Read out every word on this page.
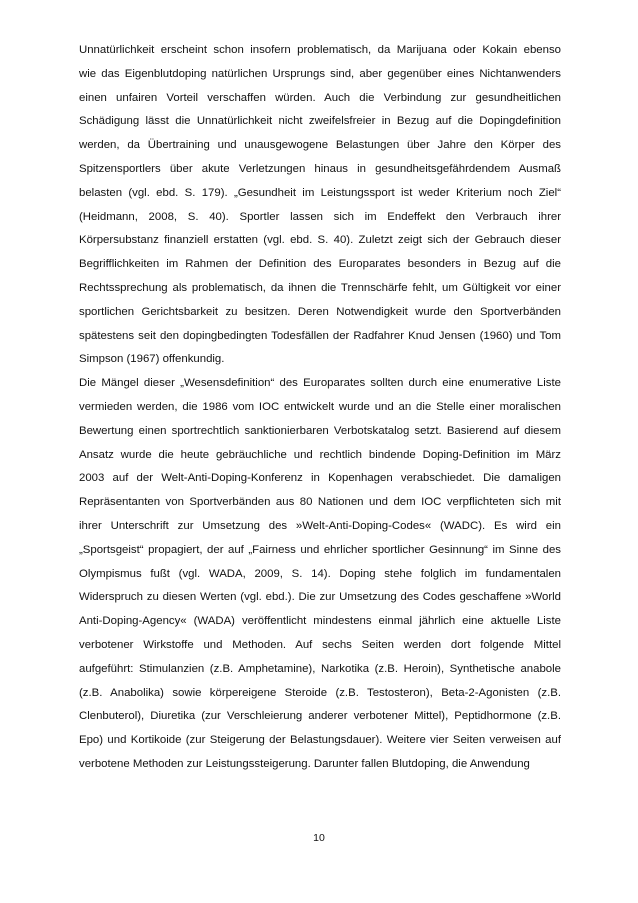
Unnatürlichkeit erscheint schon insofern problematisch, da Marijuana oder Kokain ebenso
wie das Eigenblutdoping natürlichen Ursprungs sind, aber gegenüber eines Nichtanwenders
einen unfairen Vorteil verschaffen würden. Auch die Verbindung zur gesundheitlichen
Schädigung lässt die Unnatürlichkeit nicht zweifelsfreier in Bezug auf die Dopingdefinition
werden, da Übertraining und unausgewogene Belastungen über Jahre den Körper des
Spitzensportlers über akute Verletzungen hinaus in gesundheitsgefährdendem Ausmaß
belasten (vgl. ebd. S. 179). „Gesundheit im Leistungssport ist weder Kriterium noch Ziel“
(Heidmann, 2008, S. 40). Sportler lassen sich im Endeffekt den Verbrauch ihrer
Körpersubstanz finanziell erstatten (vgl. ebd. S. 40). Zuletzt zeigt sich der Gebrauch dieser
Begrifflichkeiten im Rahmen der Definition des Europarates besonders in Bezug auf die
Rechtssprechung als problematisch, da ihnen die Trennschärfe fehlt, um Gültigkeit vor einer
sportlichen Gerichtsbarkeit zu besitzen. Deren Notwendigkeit wurde den Sportverbänden
spätestens seit den dopingbedingten Todesfällen der Radfahrer Knud Jensen (1960) und Tom
Simpson (1967) offenkundig.
Die Mängel dieser „Wesensdefinition“ des Europarates sollten durch eine enumerative Liste
vermieden werden, die 1986 vom IOC entwickelt wurde und an die Stelle einer moralischen
Bewertung einen sportrechtlich sanktionierbaren Verbotskatalog setzt. Basierend auf diesem
Ansatz wurde die heute gebräuchliche und rechtlich bindende Doping-Definition im März
2003 auf der Welt-Anti-Doping-Konferenz in Kopenhagen verabschiedet. Die damaligen
Repräsentanten von Sportverbänden aus 80 Nationen und dem IOC verpflichteten sich mit
ihrer Unterschrift zur Umsetzung des »Welt-Anti-Doping-Codes« (WADC). Es wird ein
„Sportsgeist“ propagiert, der auf „Fairness und ehrlicher sportlicher Gesinnung“ im Sinne des
Olympismus fußt (vgl. WADA, 2009, S. 14). Doping stehe folglich im fundamentalen
Widerspruch zu diesen Werten (vgl. ebd.). Die zur Umsetzung des Codes geschaffene »World
Anti-Doping-Agency« (WADA) veröffentlicht mindestens einmal jährlich eine aktuelle Liste
verbotener Wirkstoffe und Methoden. Auf sechs Seiten werden dort folgende Mittel
aufgeführt: Stimulanzien (z.B. Amphetamine), Narkotika (z.B. Heroin), Synthetische anabole
(z.B. Anabolika) sowie körpereigene Steroide (z.B. Testosteron), Beta-2-Agonisten (z.B.
Clenbuterol), Diuretika (zur Verschleierung anderer verbotener Mittel), Peptidhormone (z.B.
Epo) und Kortikoide (zur Steigerung der Belastungsdauer). Weitere vier Seiten verweisen auf
verbotene Methoden zur Leistungssteigerung. Darunter fallen Blutdoping, die Anwendung
10
